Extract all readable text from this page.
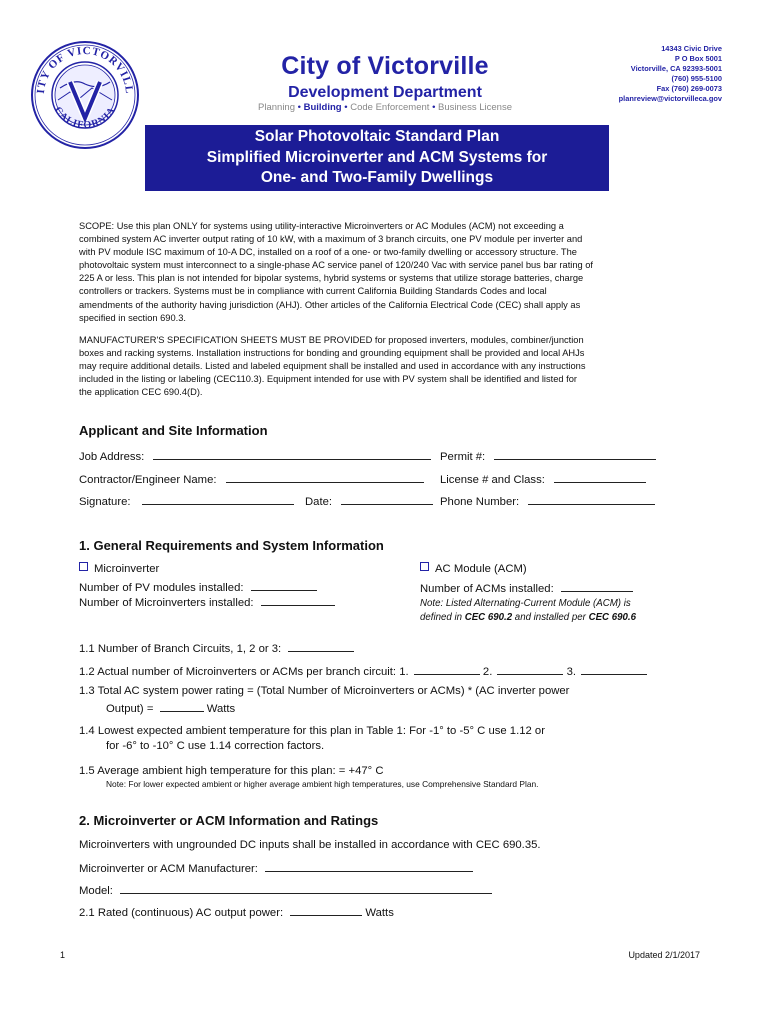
ITY OF VICTORVILL
CALIFORNIA
City of Victorville
Development Department
Planning • Building • Code Enforcement • Business License
14343 Civic Drive
P O Box 5001
Victorville, CA 92393-5001
(760) 955-5100
Fax (760) 269-0073
planreview@victorvilleca.gov
Solar Photovoltaic Standard Plan
Simplified Microinverter and ACM Systems for
One- and Two-Family Dwellings
SCOPE: Use this plan ONLY for systems using utility-interactive Microinverters or AC Modules (ACM) not exceeding a
combined system AC inverter output rating of 10 kW, with a maximum of 3 branch circuits, one PV module per inverter and
with PV module ISC maximum of 10-A DC, installed on a roof of a one- or two-family dwelling or accessory structure. The
photovoltaic system must interconnect to a single-phase AC service panel of 120/240 Vac with service panel bus bar rating of
225 A or less. This plan is not intended for bipolar systems, hybrid systems or systems that utilize storage batteries, charge
controllers or trackers. Systems must be in compliance with current California Building Standards Codes and local
amendments of the authority having jurisdiction (AHJ). Other articles of the California Electrical Code (CEC) shall apply as
specified in section 690.3.
MANUFACTURER'S SPECIFICATION SHEETS MUST BE PROVIDED for proposed inverters, modules, combiner/junction
boxes and racking systems. Installation instructions for bonding and grounding equipment shall be provided and local AHJs
may require additional details. Listed and labeled equipment shall be installed and used in accordance with any instructions
included in the listing or labeling (CEC110.3). Equipment intended for use with PV system shall be identified and listed for
the application CEC 690.4(D).
Applicant and Site Information
Job Address:	Permit #:
Contractor/Engineer Name:	License # and Class:
Signature:	Date:	Phone Number:
1. General Requirements and System Information
Microinverter
Number of PV modules installed:
Number of Microinverters installed:
AC Module (ACM)
Number of ACMs installed:
Note: Listed Alternating-Current Module (ACM) is
defined in CEC 690.2 and installed per CEC 690.6
1.1 Number of Branch Circuits, 1, 2 or 3:
1.2 Actual number of Microinverters or ACMs per branch circuit: 1.	2.	3.
1.3 Total AC system power rating = (Total Number of Microinverters or ACMs) * (AC inverter power
Output) =	Watts
1.4 Lowest expected ambient temperature for this plan in Table 1: For -1° to -5° C use 1.12 or
for -6° to -10° C use 1.14 correction factors.
1.5 Average ambient high temperature for this plan: = +47° C
Note: For lower expected ambient or higher average ambient high temperatures, use Comprehensive Standard Plan.
2. Microinverter or ACM Information and Ratings
Microinverters with ungrounded DC inputs shall be installed in accordance with CEC 690.35.
Microinverter or ACM Manufacturer:
Model:
2.1 Rated (continuous) AC output power:	Watts
1	Updated 2/1/2017
